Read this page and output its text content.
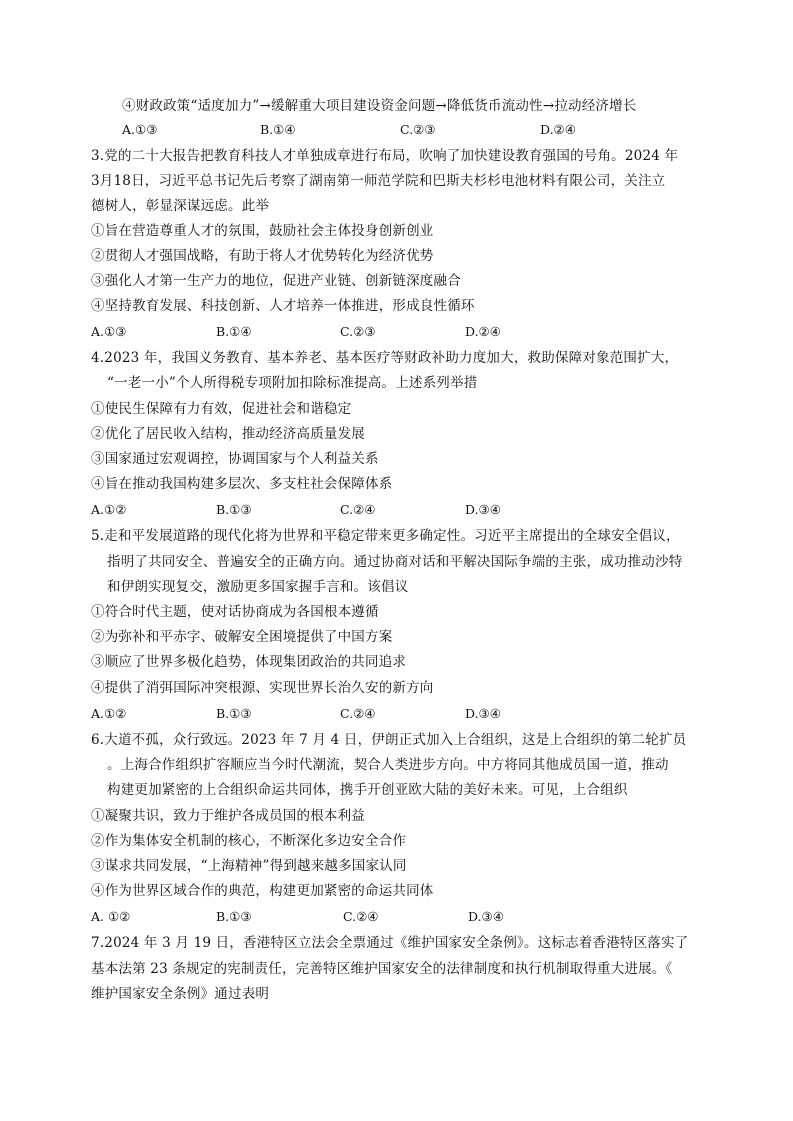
④财政政策“适度加力”→缓解重大项目建设资金问题→降低货币流动性→拉动经济增长
A.①③	B.①④	C.②③	D.②④
3.党的二十大报告把教育科技人才单独成章进行布局，吹响了加快建设教育强国的号角。2024 年
3月18日，习近平总书记先后考察了湖南第一师范学院和巴斯夫杉杉电池材料有限公司，关注立
德树人，彰显深谋远虑。此举
①旨在营造尊重人才的氛围，鼓励社会主体投身创新创业
②贯彻人才强国战略，有助于将人才优势转化为经济优势
③强化人才第一生产力的地位，促进产业链、创新链深度融合
④坚持教育发展、科技创新、人才培养一体推进，形成良性循环
A.①③	B.①④	C.②③	D.②④
4.2023 年，我国义务教育、基本养老、基本医疗等财政补助力度加大，救助保障对象范围扩大，
“一老一小”个人所得税专项附加扣除标准提高。上述系列举措
①使民生保障有力有效，促进社会和谐稳定
②优化了居民收入结构，推动经济高质量发展
③国家通过宏观调控，协调国家与个人利益关系
④旨在推动我国构建多层次、多支柱社会保障体系
A.①②	B.①③	C.②④	D.③④
5.走和平发展道路的现代化将为世界和平稳定带来更多确定性。习近平主席提出的全球安全倡议，
指明了共同安全、普遍安全的正确方向。通过协商对话和平解决国际争端的主张，成功推动沙特
和伊朗实现复交，激励更多国家握手言和。该倡议
①符合时代主题，使对话协商成为各国根本遵循
②为弥补和平赤字、破解安全困境提供了中国方案
③顺应了世界多极化趋势，体现集团政治的共同追求
④提供了消弭国际冲突根源、实现世界长治久安的新方向
A.①②	B.①③	C.②④	D.③④
6.大道不孤，众行致远。2023 年 7 月 4 日，伊朗正式加入上合组织，这是上合组织的第二轮扩员
。上海合作组织扩容顺应当今时代潮流，契合人类进步方向。中方将同其他成员国一道，推动
构建更加紧密的上合组织命运共同体，携手开创亚欧大陆的美好未来。可见，上合组织
①凝聚共识，致力于维护各成员国的根本利益
②作为集体安全机制的核心，不断深化多边安全合作
③谋求共同发展，“上海精神”得到越来越多国家认同
④作为世界区域合作的典范，构建更加紧密的命运共同体
A. ①②	B.①③	C.②④	D.③④
7.2024 年 3 月 19 日，香港特区立法会全票通过《维护国家安全条例》。这标志着香港特区落实了
基本法第 23 条规定的宪制责任，完善特区维护国家安全的法律制度和执行机制取得重大进展。《
维护国家安全条例》通过表明
